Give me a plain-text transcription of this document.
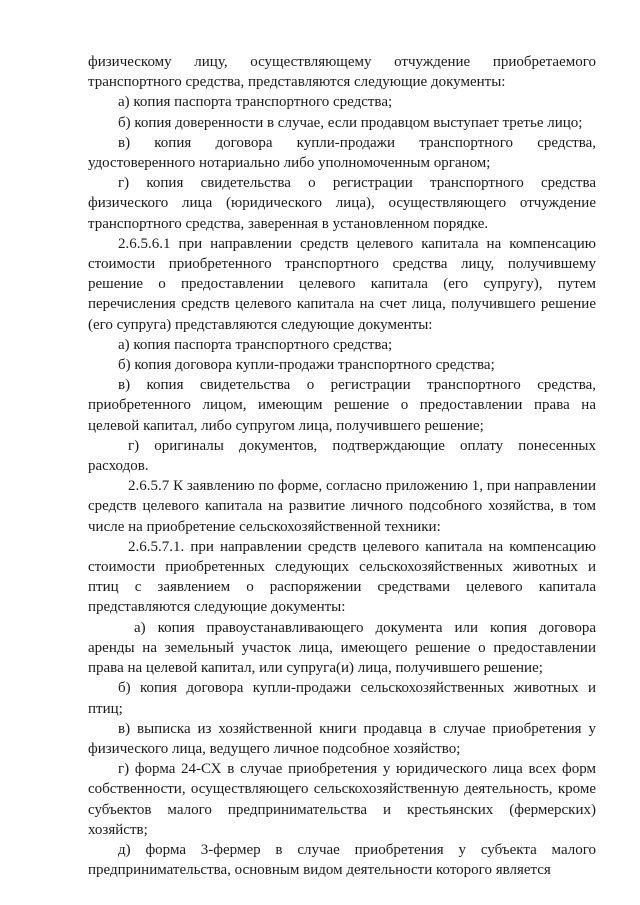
физическому лицу, осуществляющему отчуждение приобретаемого транспортного средства, представляются следующие документы:

а) копия паспорта транспортного средства;

б) копия доверенности в случае, если продавцом выступает третье лицо;

в) копия договора купли-продажи транспортного средства, удостоверенного нотариально либо уполномоченным органом;

г) копия свидетельства о регистрации транспортного средства физического лица (юридического лица), осуществляющего отчуждение транспортного средства, заверенная в установленном порядке.

2.6.5.6.1 при направлении средств целевого капитала на компенсацию стоимости приобретенного транспортного средства лицу, получившему решение о предоставлении целевого капитала (его супругу), путем перечисления средств целевого капитала на счет лица, получившего решение (его супруга) представляются следующие документы:

а) копия паспорта транспортного средства;

б) копия договора купли-продажи транспортного средства;

в) копия свидетельства о регистрации транспортного средства, приобретенного лицом, имеющим решение о предоставлении права на целевой капитал, либо супругом лица, получившего решение;

г) оригиналы документов, подтверждающие оплату понесенных расходов.

2.6.5.7 К заявлению по форме, согласно приложению 1, при направлении средств целевого капитала на развитие личного подсобного хозяйства, в том числе на приобретение сельскохозяйственной техники:

2.6.5.7.1. при направлении средств целевого капитала на компенсацию стоимости приобретенных следующих сельскохозяйственных животных и птиц с заявлением о распоряжении средствами целевого капитала представляются следующие документы:

а) копия правоустанавливающего документа или копия договора аренды на земельный участок лица, имеющего решение о предоставлении права на целевой капитал, или супруга(и) лица, получившего решение;

б) копия договора купли-продажи сельскохозяйственных животных и птиц;

в) выписка из хозяйственной книги продавца в случае приобретения у физического лица, ведущего личное подсобное хозяйство;

г) форма 24-СХ в случае приобретения у юридического лица всех форм собственности, осуществляющего сельскохозяйственную деятельность, кроме субъектов малого предпринимательства и крестьянских (фермерских) хозяйств;

д) форма 3-фермер в случае приобретения у субъекта малого предпринимательства, основным видом деятельности которого является
